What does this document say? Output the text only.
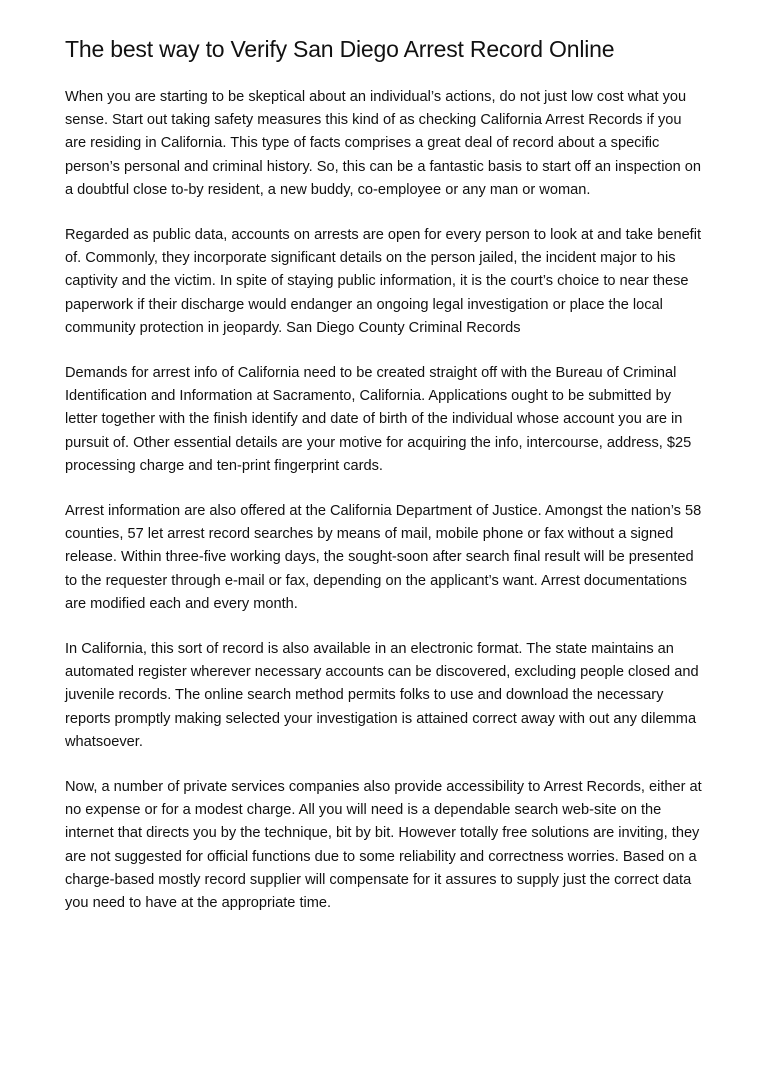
The best way to Verify San Diego Arrest Record Online

When you are starting to be skeptical about an individual’s actions, do not just low cost what you sense. Start out taking safety measures this kind of as checking California Arrest Records if you are residing in California. This type of facts comprises a great deal of record about a specific person’s personal and criminal history. So, this can be a fantastic basis to start off an inspection on a doubtful close to-by resident, a new buddy, co-employee or any man or woman.

Regarded as public data, accounts on arrests are open for every person to look at and take benefit of. Commonly, they incorporate significant details on the person jailed, the incident major to his captivity and the victim. In spite of staying public information, it is the court’s choice to near these paperwork if their discharge would endanger an ongoing legal investigation or place the local community protection in jeopardy. San Diego County Criminal Records

Demands for arrest info of California need to be created straight off with the Bureau of Criminal Identification and Information at Sacramento, California. Applications ought to be submitted by letter together with the finish identify and date of birth of the individual whose account you are in pursuit of. Other essential details are your motive for acquiring the info, intercourse, address, $25 processing charge and ten-print fingerprint cards.

Arrest information are also offered at the California Department of Justice. Amongst the nation’s 58 counties, 57 let arrest record searches by means of mail, mobile phone or fax without a signed release. Within three-five working days, the sought-soon after search final result will be presented to the requester through e-mail or fax, depending on the applicant’s want. Arrest documentations are modified each and every month.

In California, this sort of record is also available in an electronic format. The state maintains an automated register wherever necessary accounts can be discovered, excluding people closed and juvenile records. The online search method permits folks to use and download the necessary reports promptly making selected your investigation is attained correct away with out any dilemma whatsoever.

Now, a number of private services companies also provide accessibility to Arrest Records, either at no expense or for a modest charge. All you will need is a dependable search web-site on the internet that directs you by the technique, bit by bit. However totally free solutions are inviting, they are not suggested for official functions due to some reliability and correctness worries. Based on a charge-based mostly record supplier will compensate for it assures to supply just the correct data you need to have at the appropriate time.
